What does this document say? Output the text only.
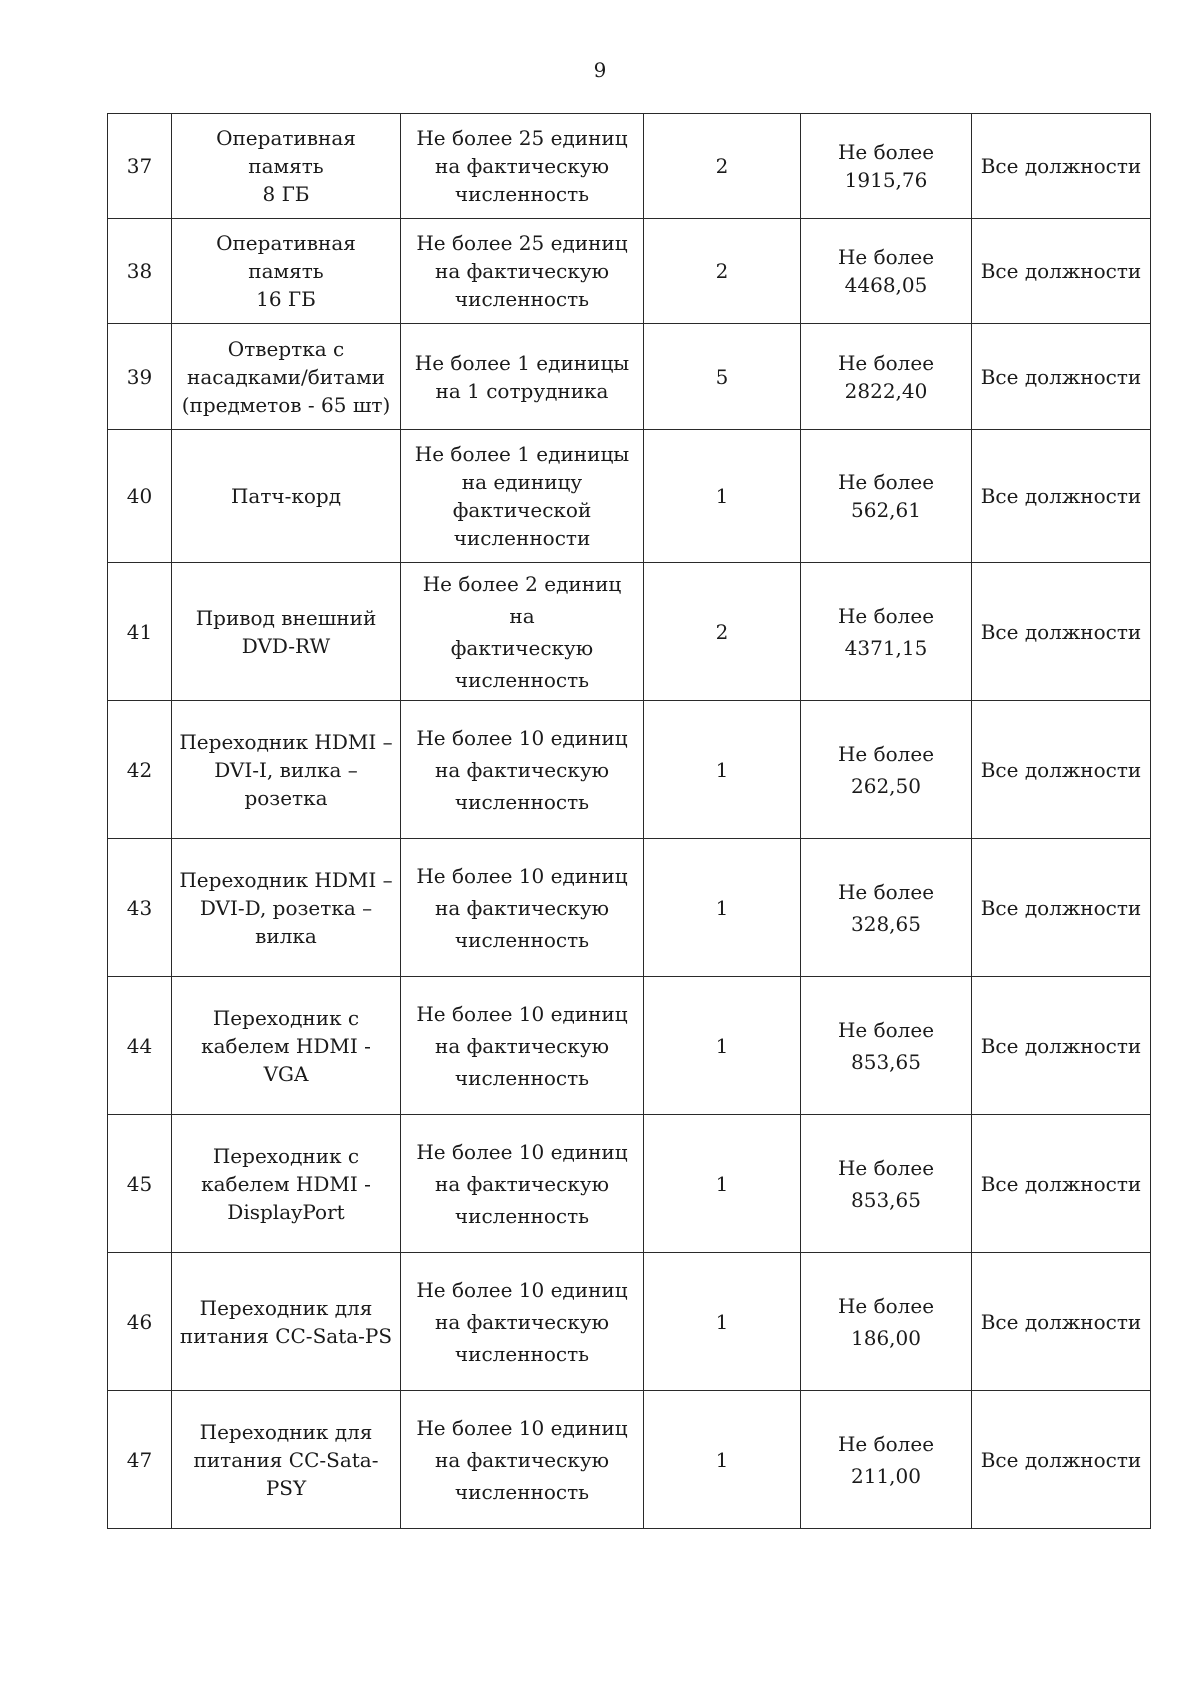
9
37	Оперативная память
8 ГБ	Не более 25 единиц
на фактическую
численность	2	Не более
1915,76	Все должности

38	Оперативная память
16 ГБ	Не более 25 единиц
на фактическую
численность	2	Не более
4468,05	Все должности

39	Отвертка с
насадками/битами
(предметов - 65 шт)	Не более 1 единицы
на 1 сотрудника	5	Не более
2822,40	Все должности

40	Патч-корд	Не более 1 единицы
на единицу
фактической
численности	1	Не более
562,61	Все должности

41	Привод внешний
DVD-RW	Не более 2 единиц на
фактическую
численность	2	Не более
4371,15	Все должности

42	Переходник HDMI –
DVI-I, вилка –
розетка	Не более 10 единиц
на фактическую
численность	1	Не более
262,50	Все должности

43	Переходник HDMI –
DVI-D, розетка –
вилка	Не более 10 единиц
на фактическую
численность	1	Не более
328,65	Все должности

44	Переходник с
кабелем HDMI -
VGA	Не более 10 единиц
на фактическую
численность	1	Не более
853,65	Все должности

45	Переходник с
кабелем HDMI -
DisplayPort	Не более 10 единиц
на фактическую
численность	1	Не более
853,65	Все должности

46	Переходник для
питания CC-Sata-PS	Не более 10 единиц
на фактическую
численность	1	Не более
186,00	Все должности

47	Переходник для
питания CC-Sata-
PSY	Не более 10 единиц
на фактическую
численность	1	Не более
211,00	Все должности
